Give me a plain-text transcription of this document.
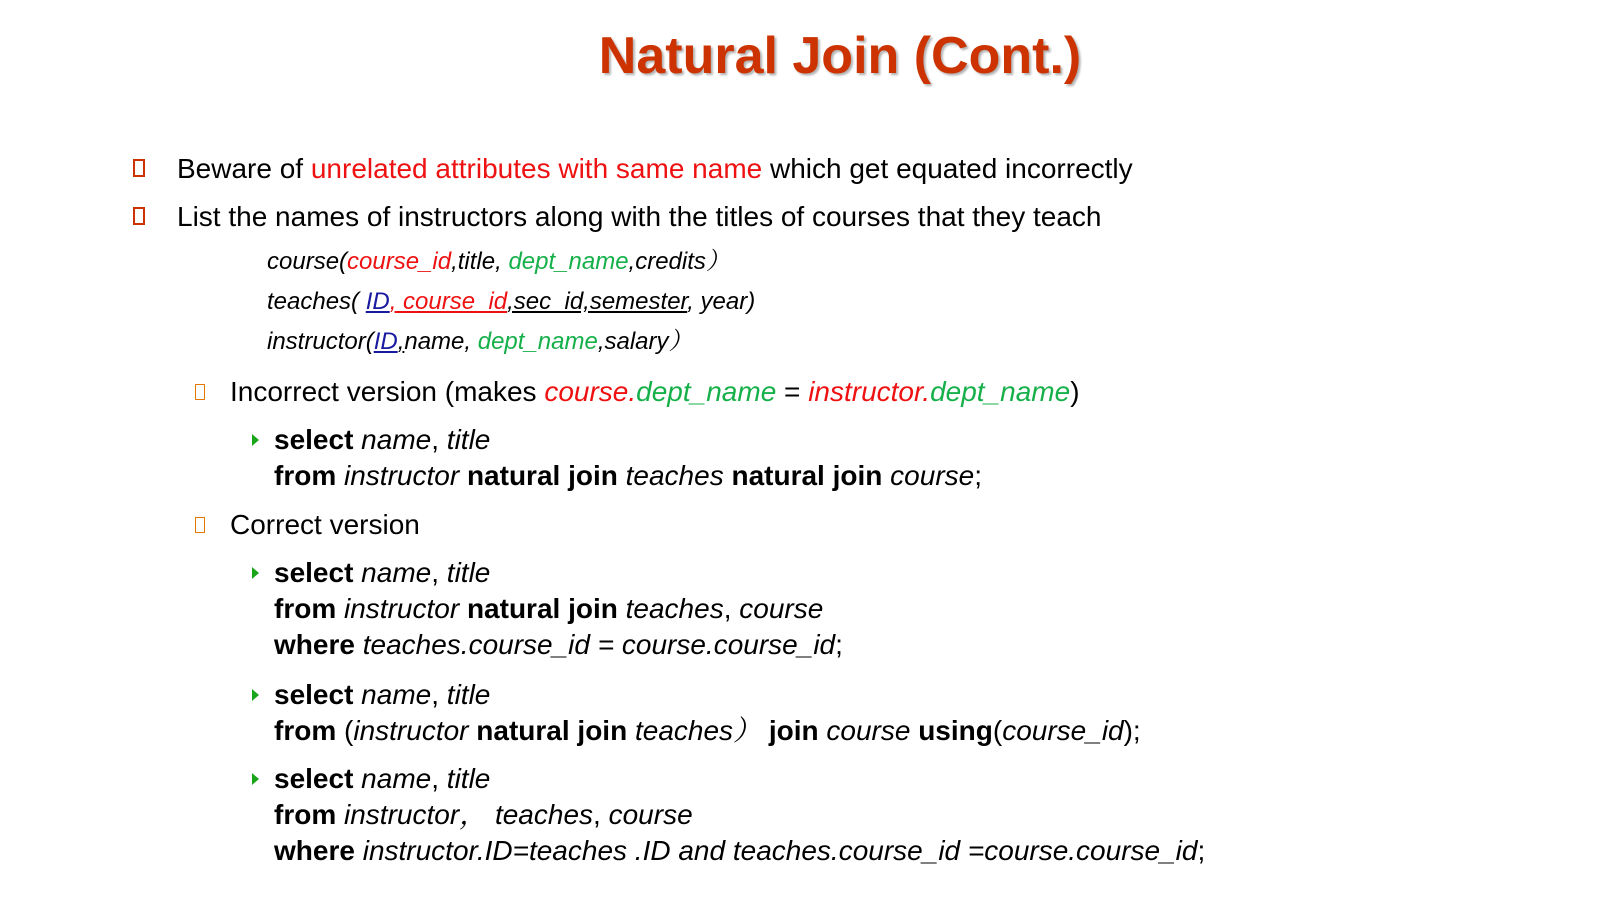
Natural Join (Cont.)
Beware of unrelated attributes with same name which get equated incorrectly
List the names of instructors along with the titles of courses that they teach
course(course_id,title, dept_name,credits）
teaches( ID, course_id,sec_id,semester, year)
instructor(ID,name, dept_name,salary）
Incorrect version (makes course.dept_name = instructor.dept_name)
select name, title
from instructor natural join teaches natural join course;
Correct version
select name, title
from instructor natural join teaches, course
where teaches.course_id = course.course_id;
select name, title
from (instructor natural join teaches） join course using(course_id);
select name, title
from instructor， teaches, course
where instructor.ID=teaches .ID and teaches.course_id =course.course_id;
